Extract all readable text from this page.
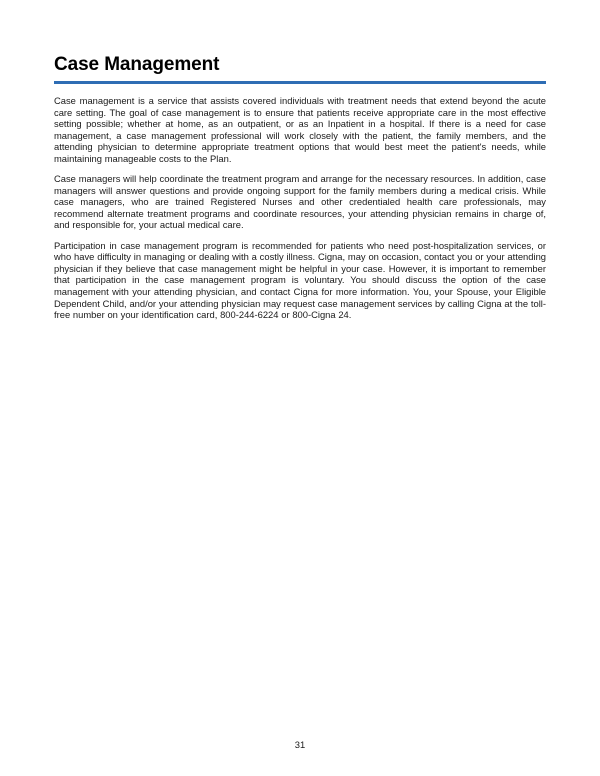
Case Management

Case management is a service that assists covered individuals with treatment needs that extend beyond the acute care setting. The goal of case management is to ensure that patients receive appropriate care in the most effective setting possible; whether at home, as an outpatient, or as an Inpatient in a hospital. If there is a need for case management, a case management professional will work closely with the patient, the family members, and the attending physician to determine appropriate treatment options that would best meet the patient's needs, while maintaining manageable costs to the Plan.

Case managers will help coordinate the treatment program and arrange for the necessary resources. In addition, case managers will answer questions and provide ongoing support for the family members during a medical crisis. While case managers, who are trained Registered Nurses and other credentialed health care professionals, may recommend alternate treatment programs and coordinate resources, your attending physician remains in charge of, and responsible for, your actual medical care.

Participation in case management program is recommended for patients who need post-hospitalization services, or who have difficulty in managing or dealing with a costly illness. Cigna, may on occasion, contact you or your attending physician if they believe that case management might be helpful in your case. However, it is important to remember that participation in the case management program is voluntary. You should discuss the option of the case management with your attending physician, and contact Cigna for more information. You, your Spouse, your Eligible Dependent Child, and/or your attending physician may request case management services by calling Cigna at the toll-free number on your identification card, 800-244-6224 or 800-Cigna 24.

31
